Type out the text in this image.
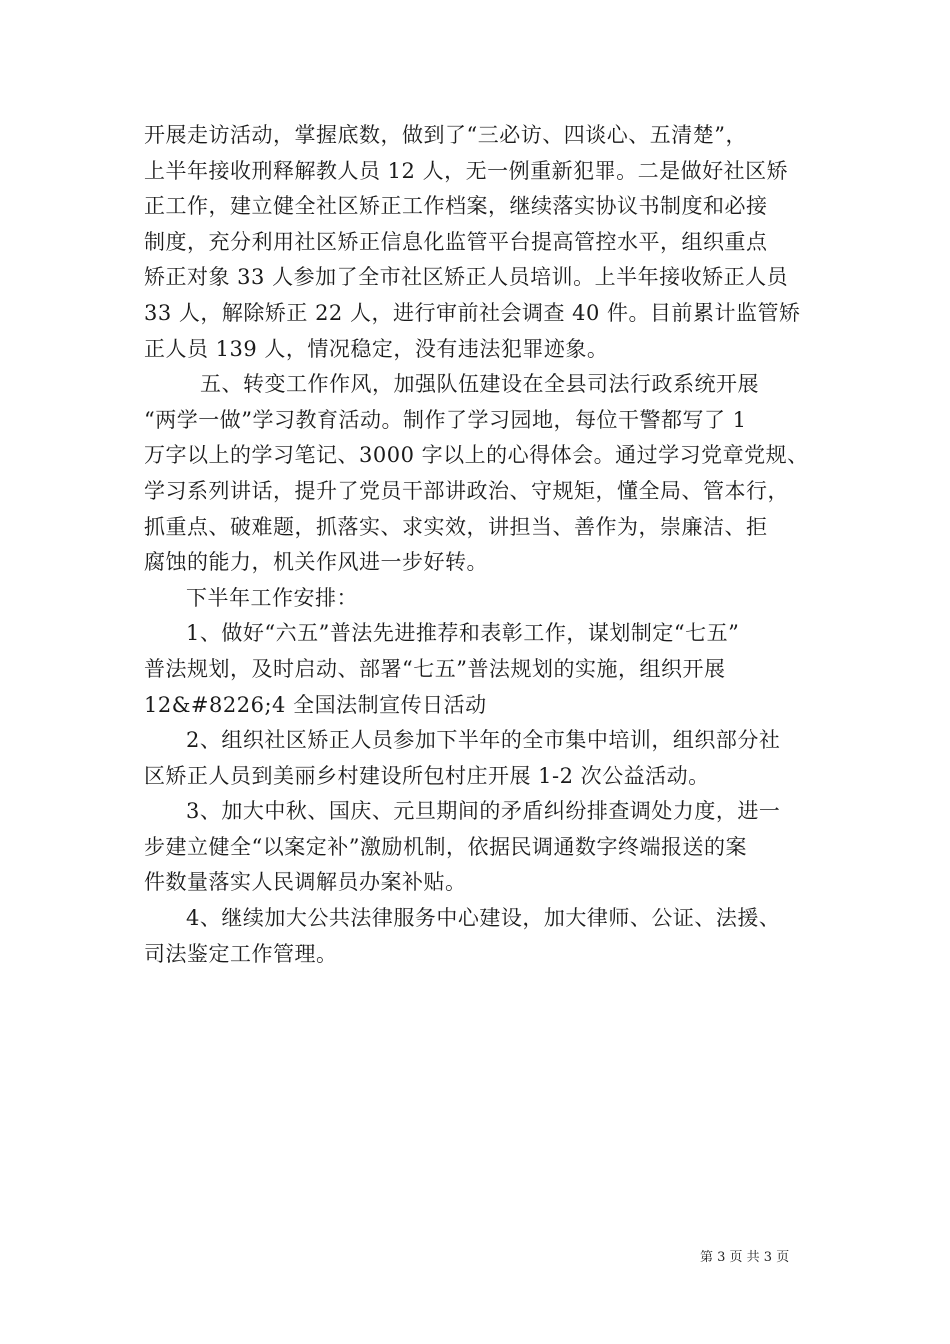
开展走访活动，掌握底数，做到了“三必访、四谈心、五清楚”，
上半年接收刑释解教人员 12 人，无一例重新犯罪。二是做好社区矫
正工作，建立健全社区矫正工作档案，继续落实协议书制度和必接
制度，充分利用社区矫正信息化监管平台提高管控水平，组织重点
矫正对象 33 人参加了全市社区矫正人员培训。上半年接收矫正人员
33 人，解除矫正 22 人，进行审前社会调查 40 件。目前累计监管矫
正人员 139 人，情况稳定，没有违法犯罪迹象。
五、转变工作作风，加强队伍建设在全县司法行政系统开展
“两学一做”学习教育活动。制作了学习园地，每位干警都写了 1
万字以上的学习笔记、3000 字以上的心得体会。通过学习党章党规、
学习系列讲话，提升了党员干部讲政治、守规矩，懂全局、管本行，
抓重点、破难题，抓落实、求实效，讲担当、善作为，崇廉洁、拒
腐蚀的能力，机关作风进一步好转。
下半年工作安排：
1、做好“六五”普法先进推荐和表彰工作，谋划制定“七五”
普法规划，及时启动、部署“七五”普法规划的实施，组织开展
12&#8226;4 全国法制宣传日活动
2、组织社区矫正人员参加下半年的全市集中培训，组织部分社
区矫正人员到美丽乡村建设所包村庄开展 1-2 次公益活动。
3、加大中秋、国庆、元旦期间的矛盾纠纷排查调处力度，进一
步建立健全“以案定补”激励机制，依据民调通数字终端报送的案
件数量落实人民调解员办案补贴。
4、继续加大公共法律服务中心建设，加大律师、公证、法援、
司法鉴定工作管理。
第 3 页 共 3 页
